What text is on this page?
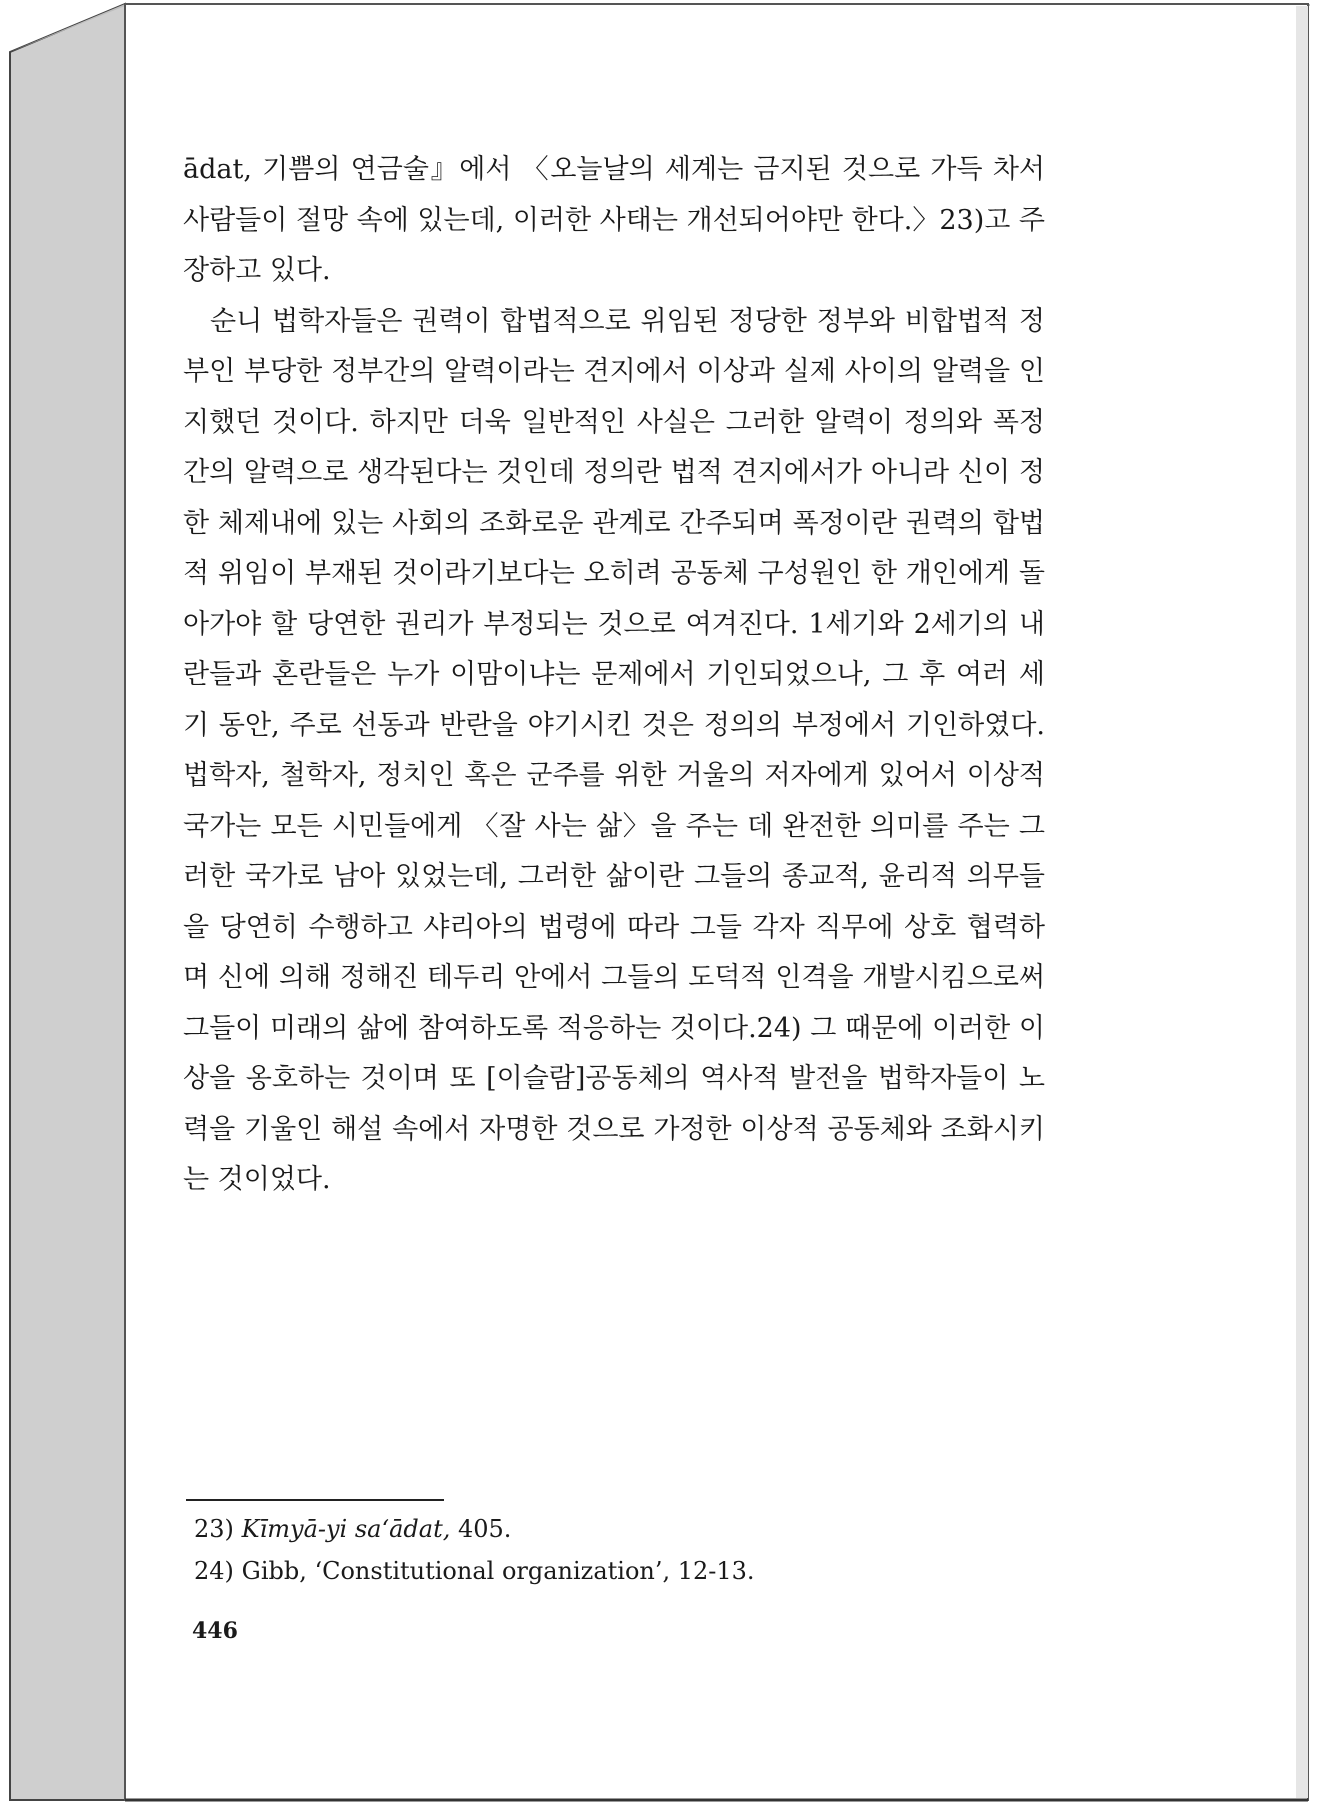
ādat, 기쁨의 연금술』에서 〈오늘날의 세계는 금지된 것으로 가득 차서 사람들이 절망 속에 있는데, 이러한 사태는 개선되어야만 한다.〉23)고 주장하고 있다.

순니 법학자들은 권력이 합법적으로 위임된 정당한 정부와 비합법적 정부인 부당한 정부간의 알력이라는 견지에서 이상과 실제 사이의 알력을 인지했던 것이다. 하지만 더욱 일반적인 사실은 그러한 알력이 정의와 폭정 간의 알력으로 생각된다는 것인데 정의란 법적 견지에서가 아니라 신이 정한 체제내에 있는 사회의 조화로운 관계로 간주되며 폭정이란 권력의 합법적 위임이 부재된 것이라기보다는 오히려 공동체 구성원인 한 개인에게 돌아가야 할 당연한 권리가 부정되는 것으로 여겨진다. 1세기와 2세기의 내란들과 혼란들은 누가 이맘이냐는 문제에서 기인되었으나, 그 후 여러 세기 동안, 주로 선동과 반란을 야기시킨 것은 정의의 부정에서 기인하였다. 법학자, 철학자, 정치인 혹은 군주를 위한 거울의 저자에게 있어서 이상적 국가는 모든 시민들에게 〈잘 사는 삶〉을 주는 데 완전한 의미를 주는 그러한 국가로 남아 있었는데, 그러한 삶이란 그들의 종교적, 윤리적 의무들을 당연히 수행하고 샤리아의 법령에 따라 그들 각자 직무에 상호 협력하며 신에 의해 정해진 테두리 안에서 그들의 도덕적 인격을 개발시킴으로써 그들이 미래의 삶에 참여하도록 적응하는 것이다.24) 그 때문에 이러한 이상을 옹호하는 것이며 또 [이슬람]공동체의 역사적 발전을 법학자들이 노력을 기울인 해설 속에서 자명한 것으로 가정한 이상적 공동체와 조화시키는 것이었다.

23) Kīmyā-yi sa‘ādat, 405.

24) Gibb, ‘Constitutional organization’, 12-13.

446
